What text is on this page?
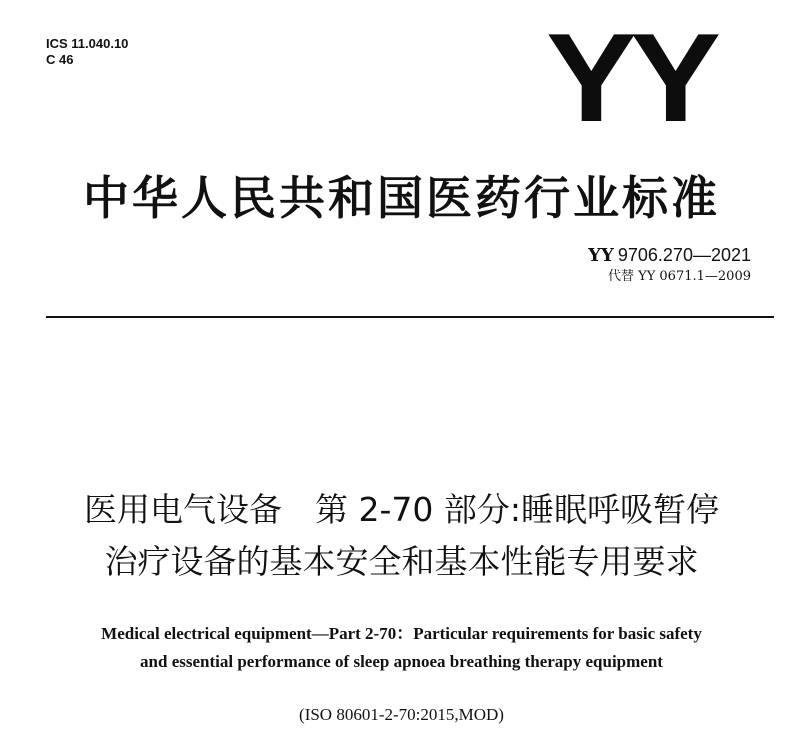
ICS 11.040.10
C 46	YY
中华人民共和国医药行业标准
YY 9706.270—2021
代替 YY 0671.1—2009
医用电气设备　第 2-70 部分:睡眠呼吸暂停
治疗设备的基本安全和基本性能专用要求
Medical electrical equipment—Part 2-70：Particular requirements for basic safety
and essential performance of sleep apnoea breathing therapy equipment
(ISO 80601-2-70:2015,MOD)
